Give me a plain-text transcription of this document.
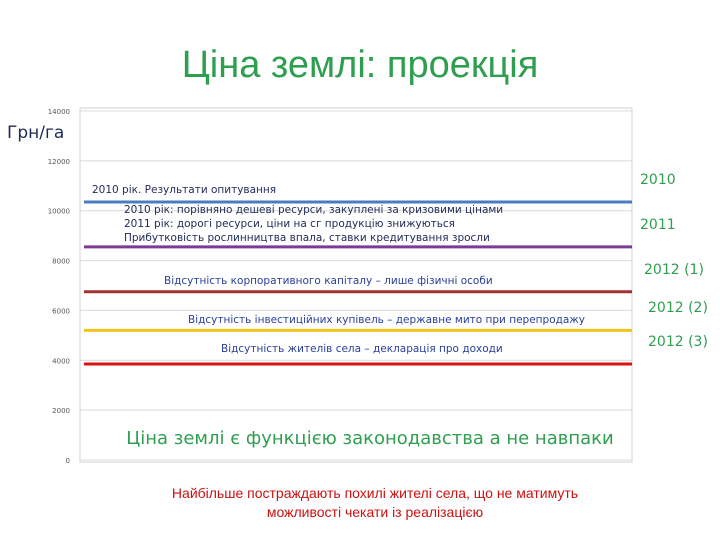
Ціна землі: проекція
0
2000
4000
6000
8000
10000
12000
14000
Грн/га
2010
2011
2012 (1)
2012 (2)
2012 (3)
2010 рік. Результати опитування
2010 рік: порівняно дешеві ресурси, закуплені за кризовими цінами
2011 рік: дорогі ресурси, ціни на сг продукцію знижуються
Прибутковість рослинництва впала, ставки кредитування зросли
Відсутність корпоративного капіталу – лише фізичні особи
Відсутність інвестиційних купівель – державне мито при перепродажу
Відсутність жителів села – декларація про доходи
Ціна землі є функцією законодавства а не навпаки
Найбільше постраждають похилі жителі села, що не матимуть
можливості чекати із реалізацією
